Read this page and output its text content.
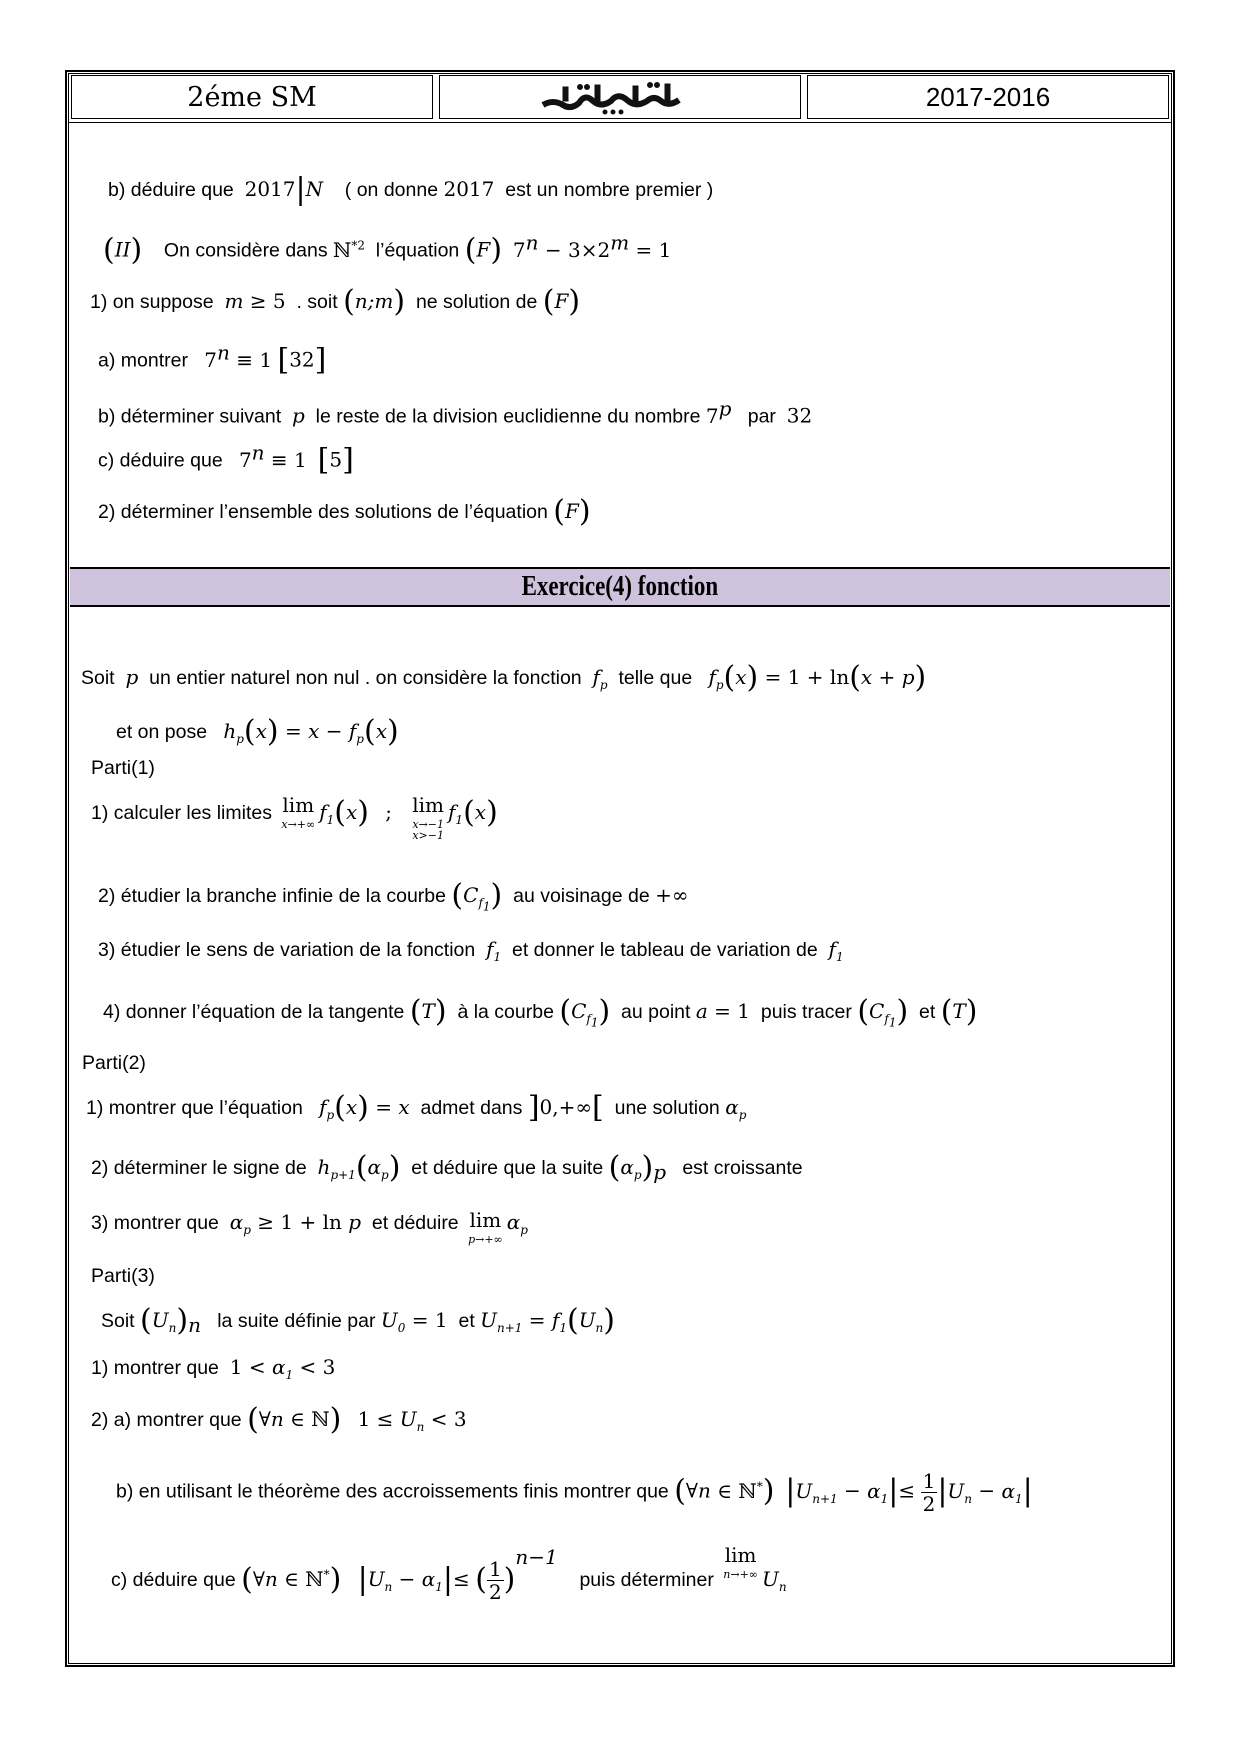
2éme SM	2017-2016
b) déduire que 2017|N ( on donne 2017 est un nombre premier )
(II) On considère dans ℕ$^{*2}$ l’équation (F) $7^n - 3\times 2^m = 1$
1) on suppose m ≥ 5 . soit (n;m) ne solution de (F)
a) montrer $7^n \equiv 1$ [32]
b) déterminer suivant p le reste de la division euclidienne du nombre 7$^p$ par 32
c) déduire que $7^n \equiv 1$ [5]
2) déterminer l’ensemble des solutions de l’équation (F)
Exercice(4) fonction
Soit p un entier naturel non nul . on considère la fonction $f_p$ telle que $f_p(x) = 1 + \ln(x + p)$
et on pose $h_p(x) = x - f_p(x)$
Parti(1)
1) calculer les limites lim
x→+∞ $f_1(x)$ ; lim
x→−1
x>−1
$f_1(x)$
2) étudier la branche infinie de la courbe $(C_{f_1})$ au voisinage de +∞
3) étudier le sens de variation de la fonction $f_1$ et donner le tableau de variation de $f_1$
4) donner l’équation de la tangente (T) à la courbe $(C_{f_1})$ au point a = 1 puis tracer $(C_{f_1})$ et (T)
Parti(2)
1) montrer que l’équation $f_p(x) = x$ admet dans ]0,+∞[ une solution $\alpha_p$
2) déterminer le signe de $h_{p+1}(\alpha_p)$ et déduire que la suite $(\alpha_p)_p$ est croissante
3) montrer que $\alpha_p \ge 1 + \ln p$ et déduire lim
p→+∞
$\alpha_p$
Parti(3)
Soit $(U_n)_n$ la suite définie par $U_0 = 1$ et $U_{n+1} = f_1(U_n)$
1) montrer que $1 < \alpha_1 < 3$
2) a) montrer que (∀n ∈ ℕ) $1 \le U_n < 3$
b) en utilisant le théorème des accroissements finis montrer que (∀n ∈ ℕ*) $|U_{n+1} - \alpha_1|\le \frac{1}{2} |U_n - \alpha_1|$
c) déduire que (∀n ∈ ℕ*) $|U_n - \alpha_1|\le$ ( $\frac{1}{2} )^{n-1}$    puis déterminer lim
n→+∞ $U_n$
